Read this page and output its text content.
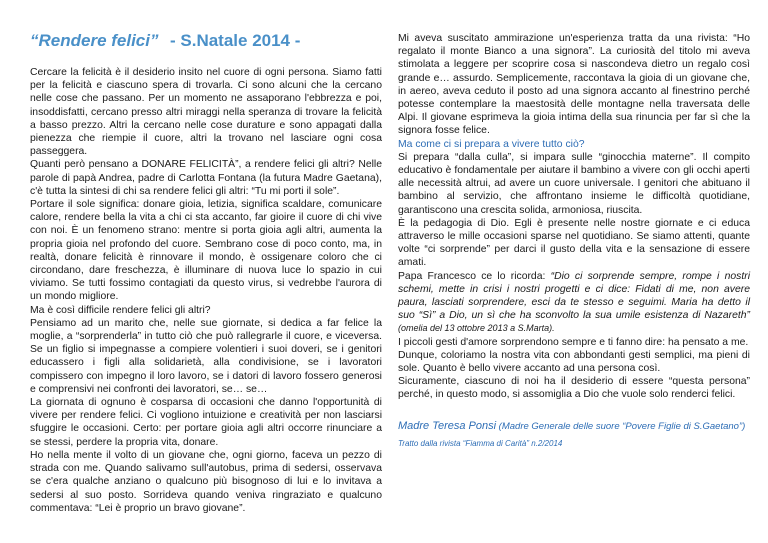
“Rendere felici” - S.Natale 2014 -

Cercare la felicità è il desiderio insito nel cuore di ogni persona. Siamo fatti per la felicità e ciascuno spera di trovarla. Ci sono alcuni che la cercano nelle cose che passano. Per un momento ne assaporano l'ebbrezza e poi, insoddisfatti, cercano presso altri miraggi nella speranza di trovare la felicità a basso prezzo. Altri la cercano nelle cose durature e sono appagati dalla pienezza che riempie il cuore, altri la trovano nel lasciare ogni cosa passeggera.

Quanti però pensano a DONARE FELICITÀ”, a rendere felici gli altri? Nelle parole di papà Andrea, padre di Carlotta Fontana (la futura Madre Gaetana), c'è tutta la sintesi di chi sa rendere felici gli altri: “Tu mi porti il sole”.

Portare il sole significa: donare gioia, letizia, significa scaldare, comunicare calore, rendere bella la vita a chi ci sta accanto, far gioire il cuore di chi vive con noi. È un fenomeno strano: mentre si porta gioia agli altri, aumenta la propria gioia nel profondo del cuore. Sembrano cose di poco conto, ma, in realtà, donare felicità è rinnovare il mondo, è ossigenare coloro che ci circondano, dare freschezza, è illuminare di nuova luce lo spazio in cui viviamo. Se tutti fossimo contagiati da questo virus, si vedrebbe l'aurora di un mondo migliore.

Ma è così difficile rendere felici gli altri?

Pensiamo ad un marito che, nelle sue giornate, si dedica a far felice la moglie, a “sorprenderla” in tutto ciò che può rallegrarle il cuore, e viceversa. Se un figlio si impegnasse a compiere volentieri i suoi doveri, se i genitori educassero i figli alla solidarietà, alla condivisione, se i lavoratori compissero con impegno il loro lavoro, se i datori di lavoro fossero generosi e comprensivi nei confronti dei lavoratori, se… se…

La giornata di ognuno è cosparsa di occasioni che danno l'opportunità di vivere per rendere felici. Ci vogliono intuizione e creatività per non lasciarsi sfuggire le occasioni. Certo: per portare gioia agli altri occorre rinunciare a se stessi, perdere la propria vita, donare.

Ho nella mente il volto di un giovane che, ogni giorno, faceva un pezzo di strada con me. Quando salivamo sull'autobus, prima di sedersi, osservava se c'era qualche anziano o qualcuno più bisognoso di lui e lo invitava a sedersi al suo posto. Sorrideva quando veniva ringraziato e qualcuno commentava: “Lei è proprio un bravo giovane”.

Mi aveva suscitato ammirazione un'esperienza tratta da una rivista: “Ho regalato il monte Bianco a una signora”. La curiosità del titolo mi aveva stimolata a leggere per scoprire cosa si nascondeva dietro un regalo così grande e… assurdo. Semplicemente, raccontava la gioia di un giovane che, in aereo, aveva ceduto il posto ad una signora accanto al finestrino perché potesse contemplare la maestosità delle montagne nella traversata delle Alpi. Il giovane esprimeva la gioia intima della sua rinuncia per far sì che la signora fosse felice.

Ma come ci si prepara a vivere tutto ciò?

Si prepara “dalla culla”, si impara sulle “ginocchia materne”. Il compito educativo è fondamentale per aiutare il bambino a vivere con gli occhi aperti alle necessità altrui, ad avere un cuore universale. I genitori che abituano il bambino al servizio, che affrontano insieme le difficoltà quotidiane, garantiscono una crescita solida, armoniosa, riuscita.

È la pedagogia di Dio. Egli è presente nelle nostre giornate e ci educa attraverso le mille occasioni sparse nel quotidiano. Se siamo attenti, quante volte “ci sorprende” per darci il gusto della vita e la sensazione di essere amati.

Papa Francesco ce lo ricorda: “Dio ci sorprende sempre, rompe i nostri schemi, mette in crisi i nostri progetti e ci dice: Fidati di me, non avere paura, lasciati sorprendere, esci da te stesso e seguimi. Maria ha detto il suo “Sì” a Dio, un sì che ha sconvolto la sua umile esistenza di Nazareth” (omelia del 13 ottobre 2013 a S.Marta).

I piccoli gesti d'amore sorprendono sempre e ti fanno dire: ha pensato a me.

Dunque, coloriamo la nostra vita con abbondanti gesti semplici, ma pieni di sole. Quanto è bello vivere accanto ad una persona così.

Sicuramente, ciascuno di noi ha il desiderio di essere “questa persona” perché, in questo modo, si assomiglia a Dio che vuole solo renderci felici.

Madre Teresa Ponsi (Madre Generale delle suore “Povere Figlie di S.Gaetano”)

Tratto dalla rivista “Fiamma di Carità” n.2/2014
